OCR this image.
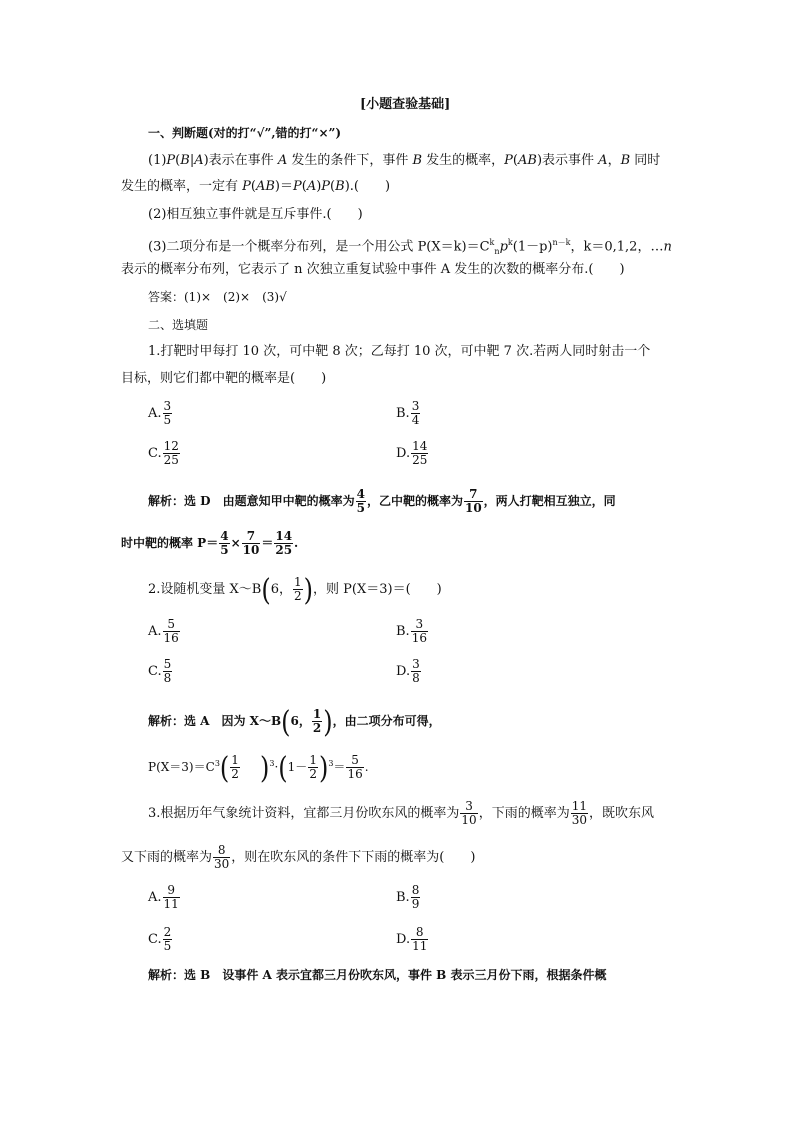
[小题查验基础]
一、判断题(对的打“√”,错的打“×”)
(1)P(B|A)表示在事件 A 发生的条件下，事件 B 发生的概率，P(AB)表示事件 A，B 同时
发生的概率，一定有 P(AB)＝P(A)P(B).(　　)
(2)相互独立事件就是互斥事件.(　　)
(3)二项分布是一个概率分布列，是一个用公式 $P(X=k)=C^k_np^k(1-p)^{n-k}$，k＝0,1,2，…n
表示的概率分布列，它表示了 n 次独立重复试验中事件 A 发生的次数的概率分布.(　　)
答案：(1)×　(2)×　(3)√
二、选填题
1.打靶时甲每打 10 次，可中靶 8 次；乙每打 10 次，可中靶 7 次.若两人同时射击一个
目标，则它们都中靶的概率是(　　)
A. $\frac{3}{5}$	B. $\frac{3}{4}$
C. $\frac{12}{25}$	D. $\frac{14}{25}$
解析：选 D　由题意知甲中靶的概率为 $\frac{4}{5}$ ，乙中靶的概率为 $\frac{7}{10}$ ，两人打靶相互独立，同
时中靶的概率 $P= \frac{4}{5} \times \frac{7}{10} = \frac{14}{25}$ .
2.设随机变量 X～B(6， $\frac{1}{2}$ )，则 P(X＝3)＝(　　)
A. $\frac{5}{16}$	B. $\frac{3}{16}$
C. $\frac{5}{8}$	D. $\frac{3}{8}$
解析：选 A　因为 X～B(6， $\frac{1}{2}$ )，由二项分布可得，
$P(X=3)=C^3( \frac{1}{2} )^3\cdot(1- \frac{1}{2} )^3= \frac{5}{16}$ .
3.根据历年气象统计资料，宜都三月份吹东风的概率为 $\frac{3}{10}$ ，下雨的概率为 $\frac{11}{30}$ ，既吹东风
又下雨的概率为 $\frac{8}{30}$ ，则在吹东风的条件下下雨的概率为(　　)
A. $\frac{9}{11}$	B. $\frac{8}{9}$
C. $\frac{2}{5}$	D. $\frac{8}{11}$
解析：选 B　设事件 A 表示宜都三月份吹东风，事件 B 表示三月份下雨，根据条件概
